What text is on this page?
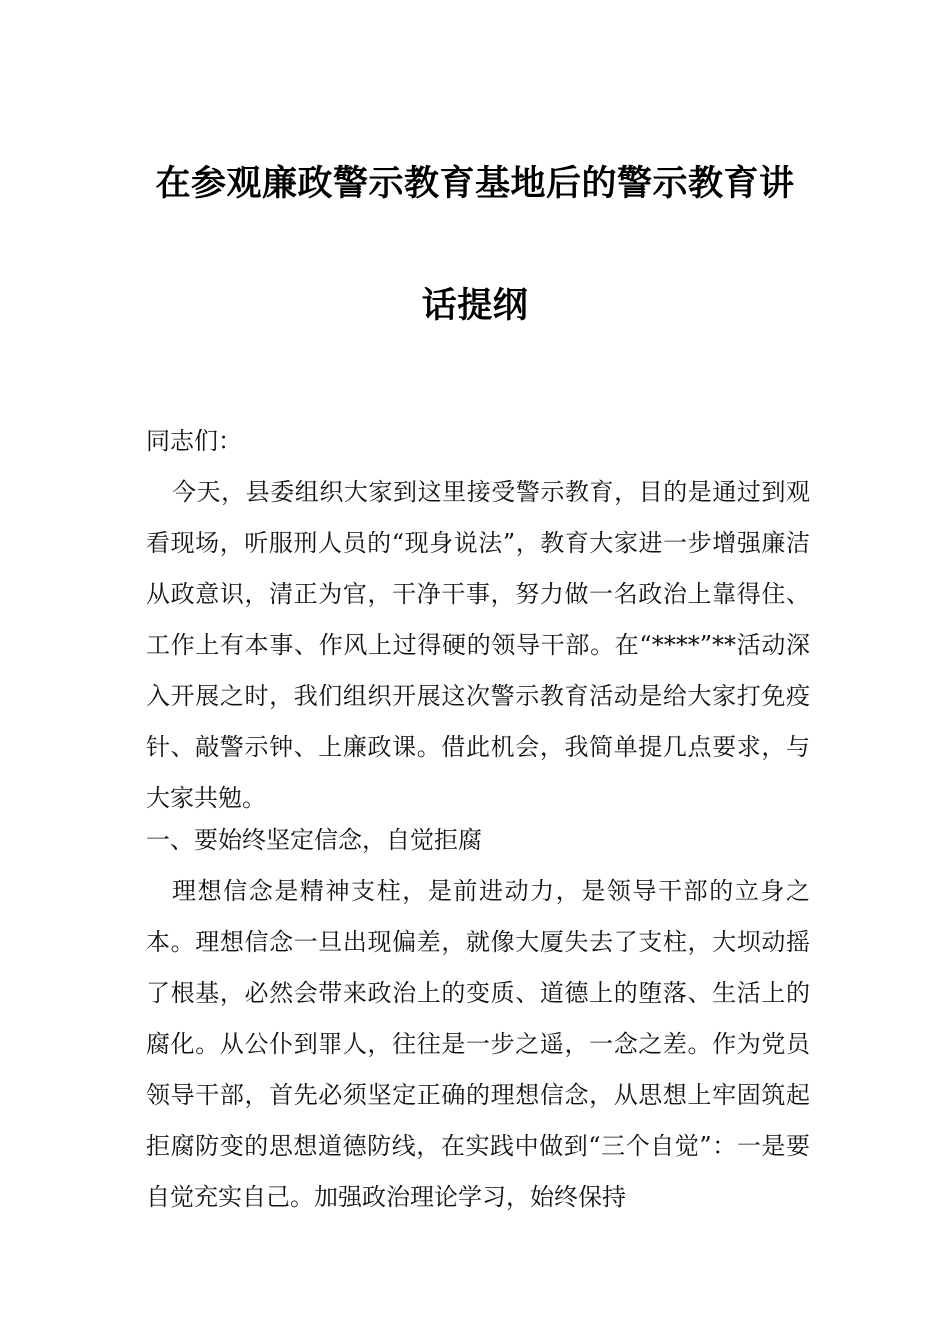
在参观廉政警示教育基地后的警示教育讲
话提纲
同志们：

今天，县委组织大家到这里接受警示教育，目的是通过到观看现场，听服刑人员的“现身说法”，教育大家进一步增强廉洁从政意识，清正为官，干净干事，努力做一名政治上靠得住、工作上有本事、作风上过得硬的领导干部。在“****”**活动深入开展之时，我们组织开展这次警示教育活动是给大家打免疫针、敲警示钟、上廉政课。借此机会，我简单提几点要求，与大家共勉。

一、要始终坚定信念，自觉拒腐

理想信念是精神支柱，是前进动力，是领导干部的立身之本。理想信念一旦出现偏差，就像大厦失去了支柱，大坝动摇了根基，必然会带来政治上的变质、道德上的堕落、生活上的腐化。从公仆到罪人，往往是一步之遥，一念之差。作为党员领导干部，首先必须坚定正确的理想信念，从思想上牢固筑起拒腐防变的思想道德防线，在实践中做到“三个自觉”：一是要自觉充实自己。加强政治理论学习，始终保持
